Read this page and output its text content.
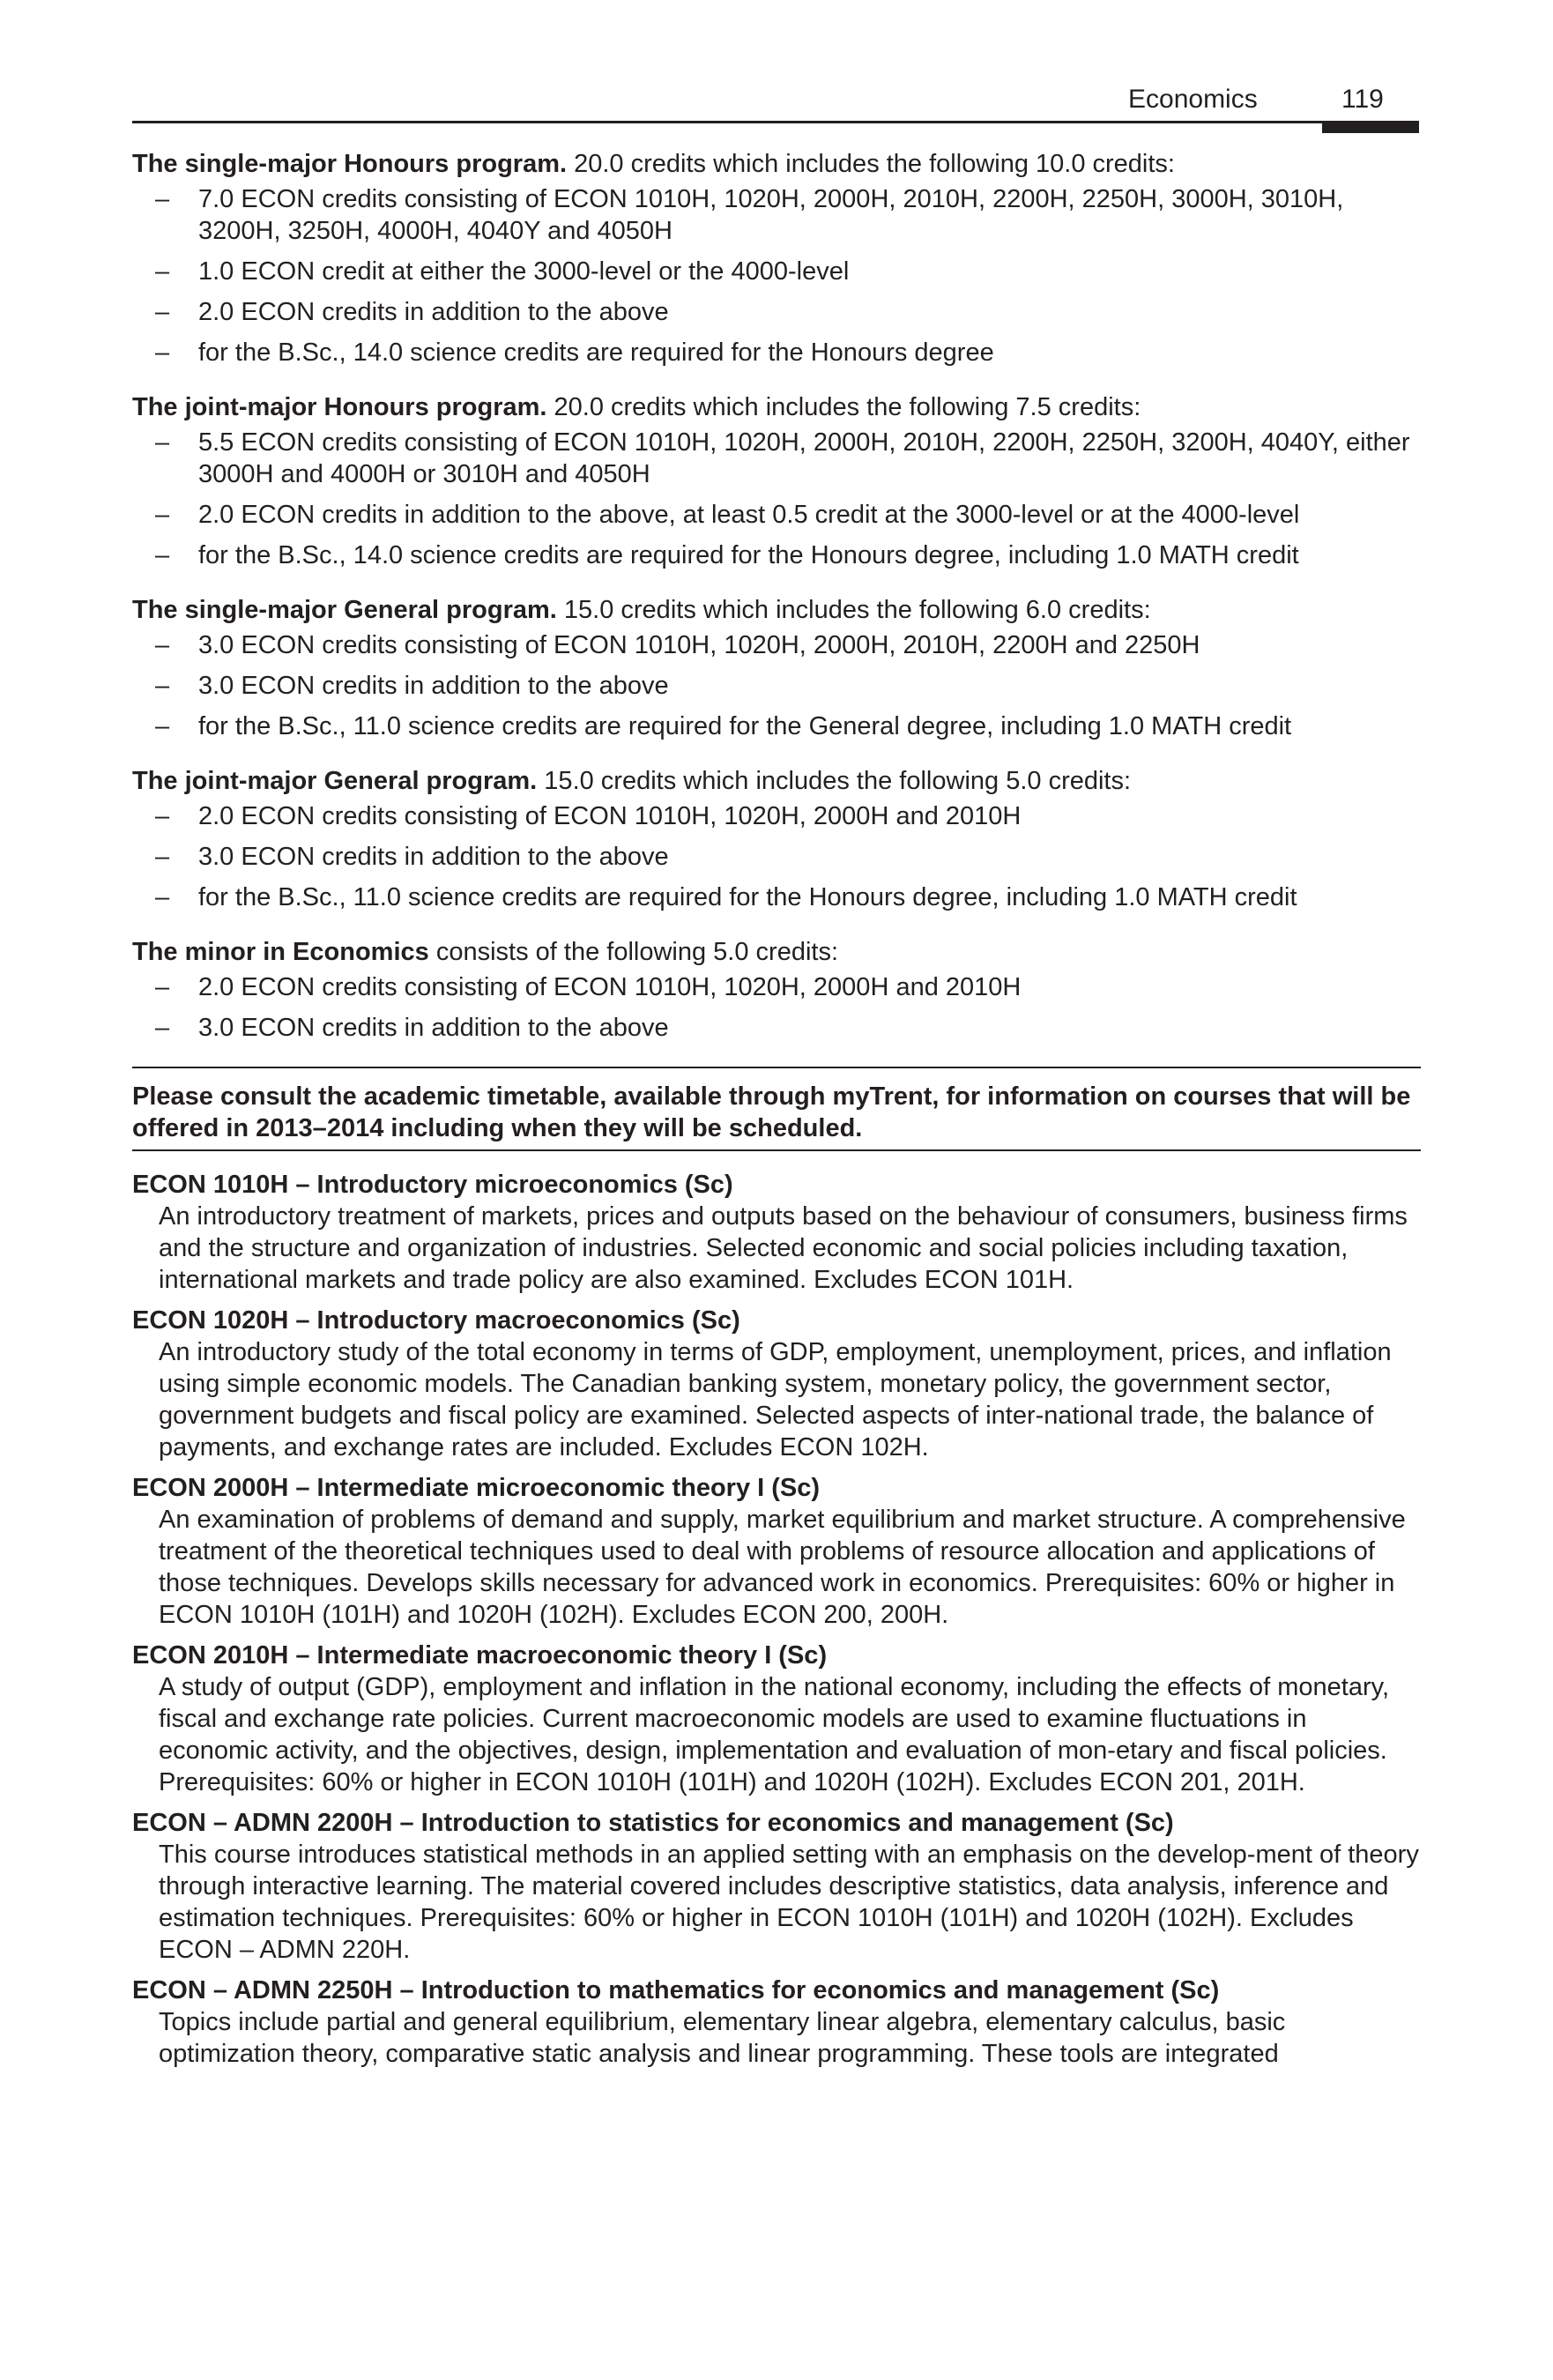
Economics	119

The single-major Honours program. 20.0 credits which includes the following 10.0 credits:

– 7.0 ECON credits consisting of ECON 1010H, 1020H, 2000H, 2010H, 2200H, 2250H, 3000H, 3010H, 3200H, 3250H, 4000H, 4040Y and 4050H
– 1.0 ECON credit at either the 3000-level or the 4000-level
– 2.0 ECON credits in addition to the above
– for the B.Sc., 14.0 science credits are required for the Honours degree

The joint-major Honours program. 20.0 credits which includes the following 7.5 credits:

– 5.5 ECON credits consisting of ECON 1010H, 1020H, 2000H, 2010H, 2200H, 2250H, 3200H, 4040Y, either 3000H and 4000H or 3010H and 4050H
– 2.0 ECON credits in addition to the above, at least 0.5 credit at the 3000-level or at the 4000-level
– for the B.Sc., 14.0 science credits are required for the Honours degree, including 1.0 MATH credit

The single-major General program. 15.0 credits which includes the following 6.0 credits:

– 3.0 ECON credits consisting of ECON 1010H, 1020H, 2000H, 2010H, 2200H and 2250H
– 3.0 ECON credits in addition to the above
– for the B.Sc., 11.0 science credits are required for the General degree, including 1.0 MATH credit

The joint-major General program. 15.0 credits which includes the following 5.0 credits:

– 2.0 ECON credits consisting of ECON 1010H, 1020H, 2000H and 2010H
– 3.0 ECON credits in addition to the above
– for the B.Sc., 11.0 science credits are required for the Honours degree, including 1.0 MATH credit

The minor in Economics consists of the following 5.0 credits:

– 2.0 ECON credits consisting of ECON 1010H, 1020H, 2000H and 2010H
– 3.0 ECON credits in addition to the above
Please consult the academic timetable, available through myTrent, for information on courses that will be offered in 2013–2014 including when they will be scheduled.

ECON 1010H – Introductory microeconomics (Sc)

An introductory treatment of markets, prices and outputs based on the behaviour of consumers, business firms and the structure and organization of industries. Selected economic and social policies including taxation, international markets and trade policy are also examined. Excludes ECON 101H.

ECON 1020H – Introductory macroeconomics (Sc)

An introductory study of the total economy in terms of GDP, employment, unemployment, prices, and inflation using simple economic models. The Canadian banking system, monetary policy, the government sector, government budgets and fiscal policy are examined. Selected aspects of inter-national trade, the balance of payments, and exchange rates are included. Excludes ECON 102H.

ECON 2000H – Intermediate microeconomic theory I (Sc)

An examination of problems of demand and supply, market equilibrium and market structure. A comprehensive treatment of the theoretical techniques used to deal with problems of resource allocation and applications of those techniques. Develops skills necessary for advanced work in economics. Prerequisites: 60% or higher in ECON 1010H (101H) and 1020H (102H). Excludes ECON 200, 200H.

ECON 2010H – Intermediate macroeconomic theory I (Sc)

A study of output (GDP), employment and inflation in the national economy, including the effects of monetary, fiscal and exchange rate policies. Current macroeconomic models are used to examine fluctuations in economic activity, and the objectives, design, implementation and evaluation of mon-etary and fiscal policies. Prerequisites: 60% or higher in ECON 1010H (101H) and 1020H (102H). Excludes ECON 201, 201H.

ECON – ADMN 2200H – Introduction to statistics for economics and management (Sc)

This course introduces statistical methods in an applied setting with an emphasis on the develop-ment of theory through interactive learning. The material covered includes descriptive statistics, data analysis, inference and estimation techniques. Prerequisites: 60% or higher in ECON 1010H (101H) and 1020H (102H). Excludes ECON – ADMN 220H.

ECON – ADMN 2250H – Introduction to mathematics for economics and management (Sc)

Topics include partial and general equilibrium, elementary linear algebra, elementary calculus, basic optimization theory, comparative static analysis and linear programming. These tools are integrated
